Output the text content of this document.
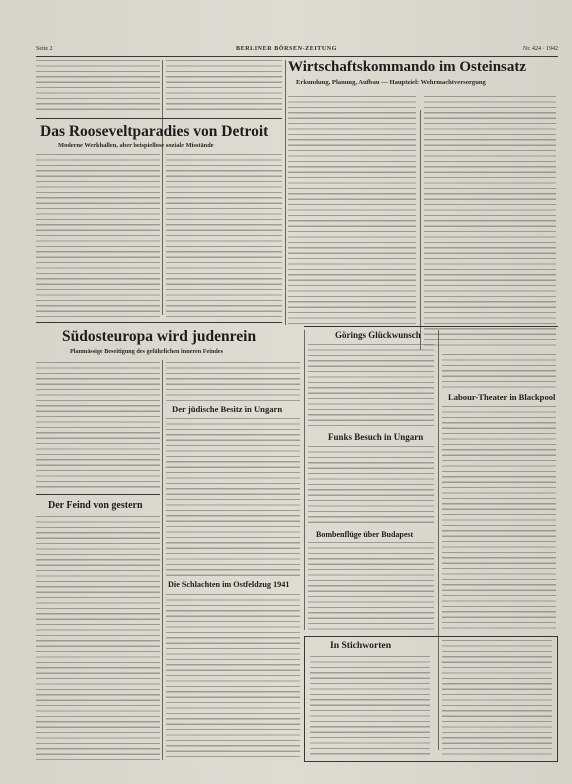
Seite 2	BERLINER BÖRSEN-ZEITUNG	Nr. 424 · 1942
Das Rooseveltparadies von Detroit
Moderne Werkhallen, aber beispiellose soziale Misstände
Wirtschaftskommando im Osteinsatz
Erkundung, Planung, Aufbau — Hauptziel: Wehrmachtversorgung
Südosteuropa wird judenrein
Planmässige Beseitigung des gefährlichen inneren Feindes
Der Feind von gestern
Der jüdische Besitz in Ungarn
Die Schlachten im Ostfeldzug 1941
Görings Glückwunsch
Funks Besuch in Ungarn
Bombenflüge über Budapest
Labour-Theater in Blackpool
In Stichworten
